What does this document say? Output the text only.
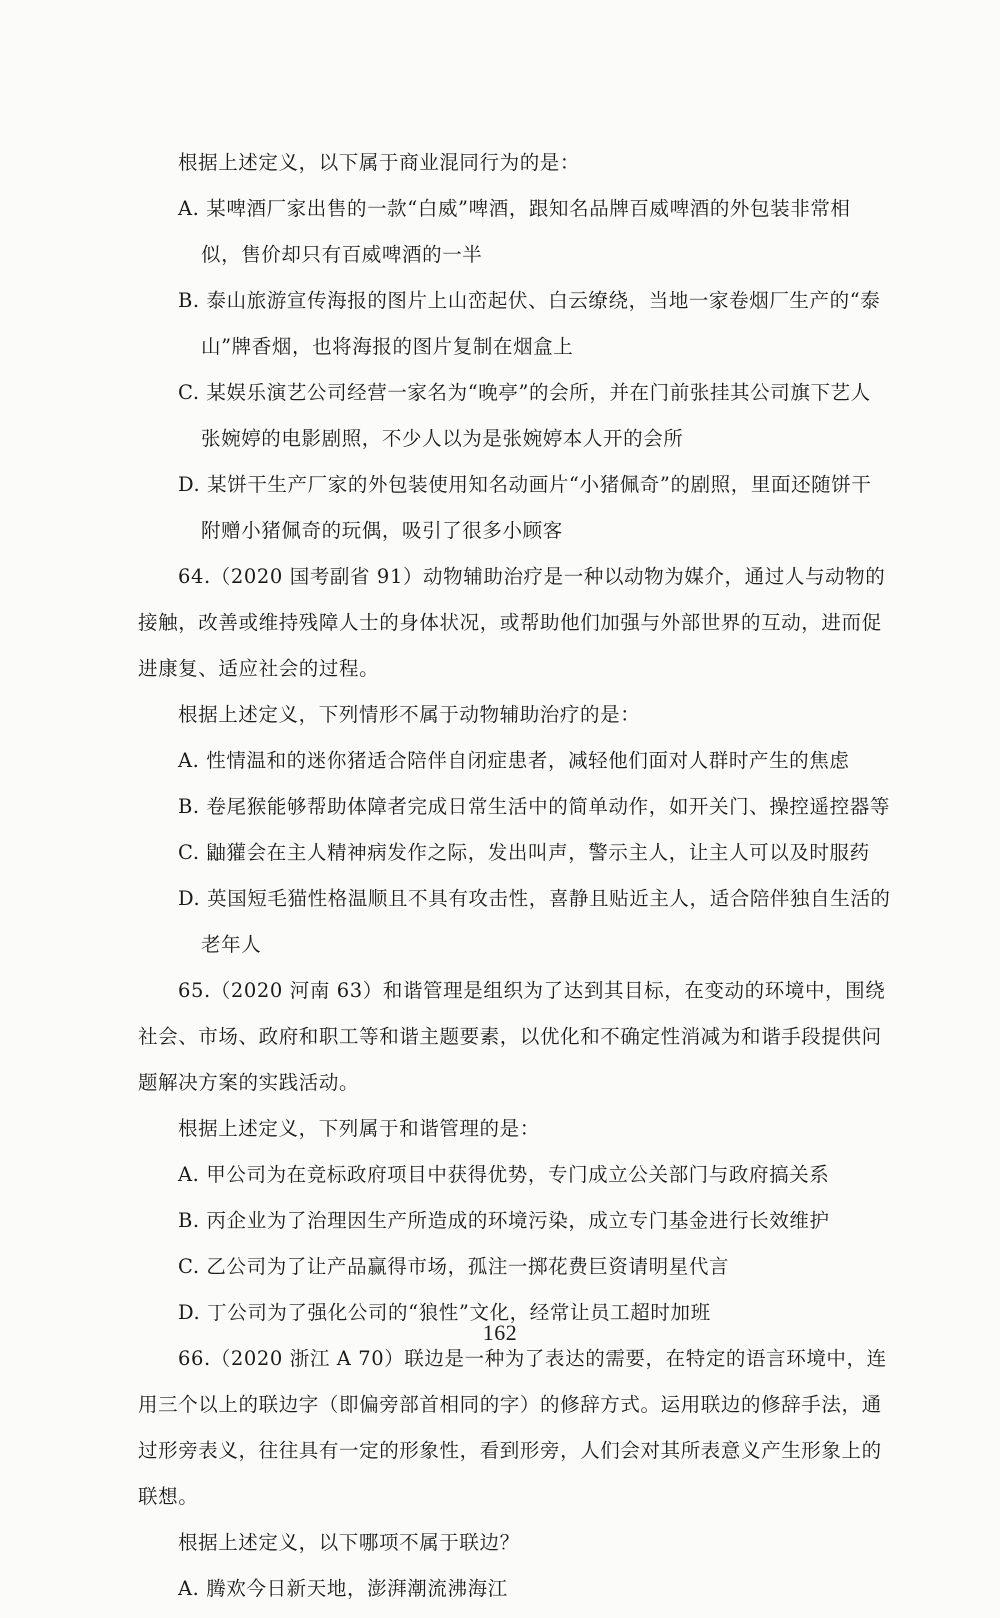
根据上述定义，以下属于商业混同行为的是：
A. 某啤酒厂家出售的一款“白威”啤酒，跟知名品牌百威啤酒的外包装非常相
似，售价却只有百威啤酒的一半
B. 泰山旅游宣传海报的图片上山峦起伏、白云缭绕，当地一家卷烟厂生产的“泰
山”牌香烟，也将海报的图片复制在烟盒上
C. 某娱乐演艺公司经营一家名为“晚亭”的会所，并在门前张挂其公司旗下艺人
张婉婷的电影剧照，不少人以为是张婉婷本人开的会所
D. 某饼干生产厂家的外包装使用知名动画片“小猪佩奇”的剧照，里面还随饼干
附赠小猪佩奇的玩偶，吸引了很多小顾客
64.（2020 国考副省 91）动物辅助治疗是一种以动物为媒介，通过人与动物的
接触，改善或维持残障人士的身体状况，或帮助他们加强与外部世界的互动，进而促
进康复、适应社会的过程。
根据上述定义，下列情形不属于动物辅助治疗的是：
A. 性情温和的迷你猪适合陪伴自闭症患者，减轻他们面对人群时产生的焦虑
B. 卷尾猴能够帮助体障者完成日常生活中的简单动作，如开关门、操控遥控器等
C. 鼬獾会在主人精神病发作之际，发出叫声，警示主人，让主人可以及时服药
D. 英国短毛猫性格温顺且不具有攻击性，喜静且贴近主人，适合陪伴独自生活的
老年人
65.（2020 河南 63）和谐管理是组织为了达到其目标，在变动的环境中，围绕
社会、市场、政府和职工等和谐主题要素，以优化和不确定性消减为和谐手段提供问
题解决方案的实践活动。
根据上述定义，下列属于和谐管理的是：
A. 甲公司为在竞标政府项目中获得优势，专门成立公关部门与政府搞关系
B. 丙企业为了治理因生产所造成的环境污染，成立专门基金进行长效维护
C. 乙公司为了让产品赢得市场，孤注一掷花费巨资请明星代言
D. 丁公司为了强化公司的“狼性”文化，经常让员工超时加班
66.（2020 浙江 A 70）联边是一种为了表达的需要，在特定的语言环境中，连
用三个以上的联边字（即偏旁部首相同的字）的修辞方式。运用联边的修辞手法，通
过形旁表义，往往具有一定的形象性，看到形旁，人们会对其所表意义产生形象上的
联想。
根据上述定义，以下哪项不属于联边？
A. 腾欢今日新天地，澎湃潮流沸海江
162
